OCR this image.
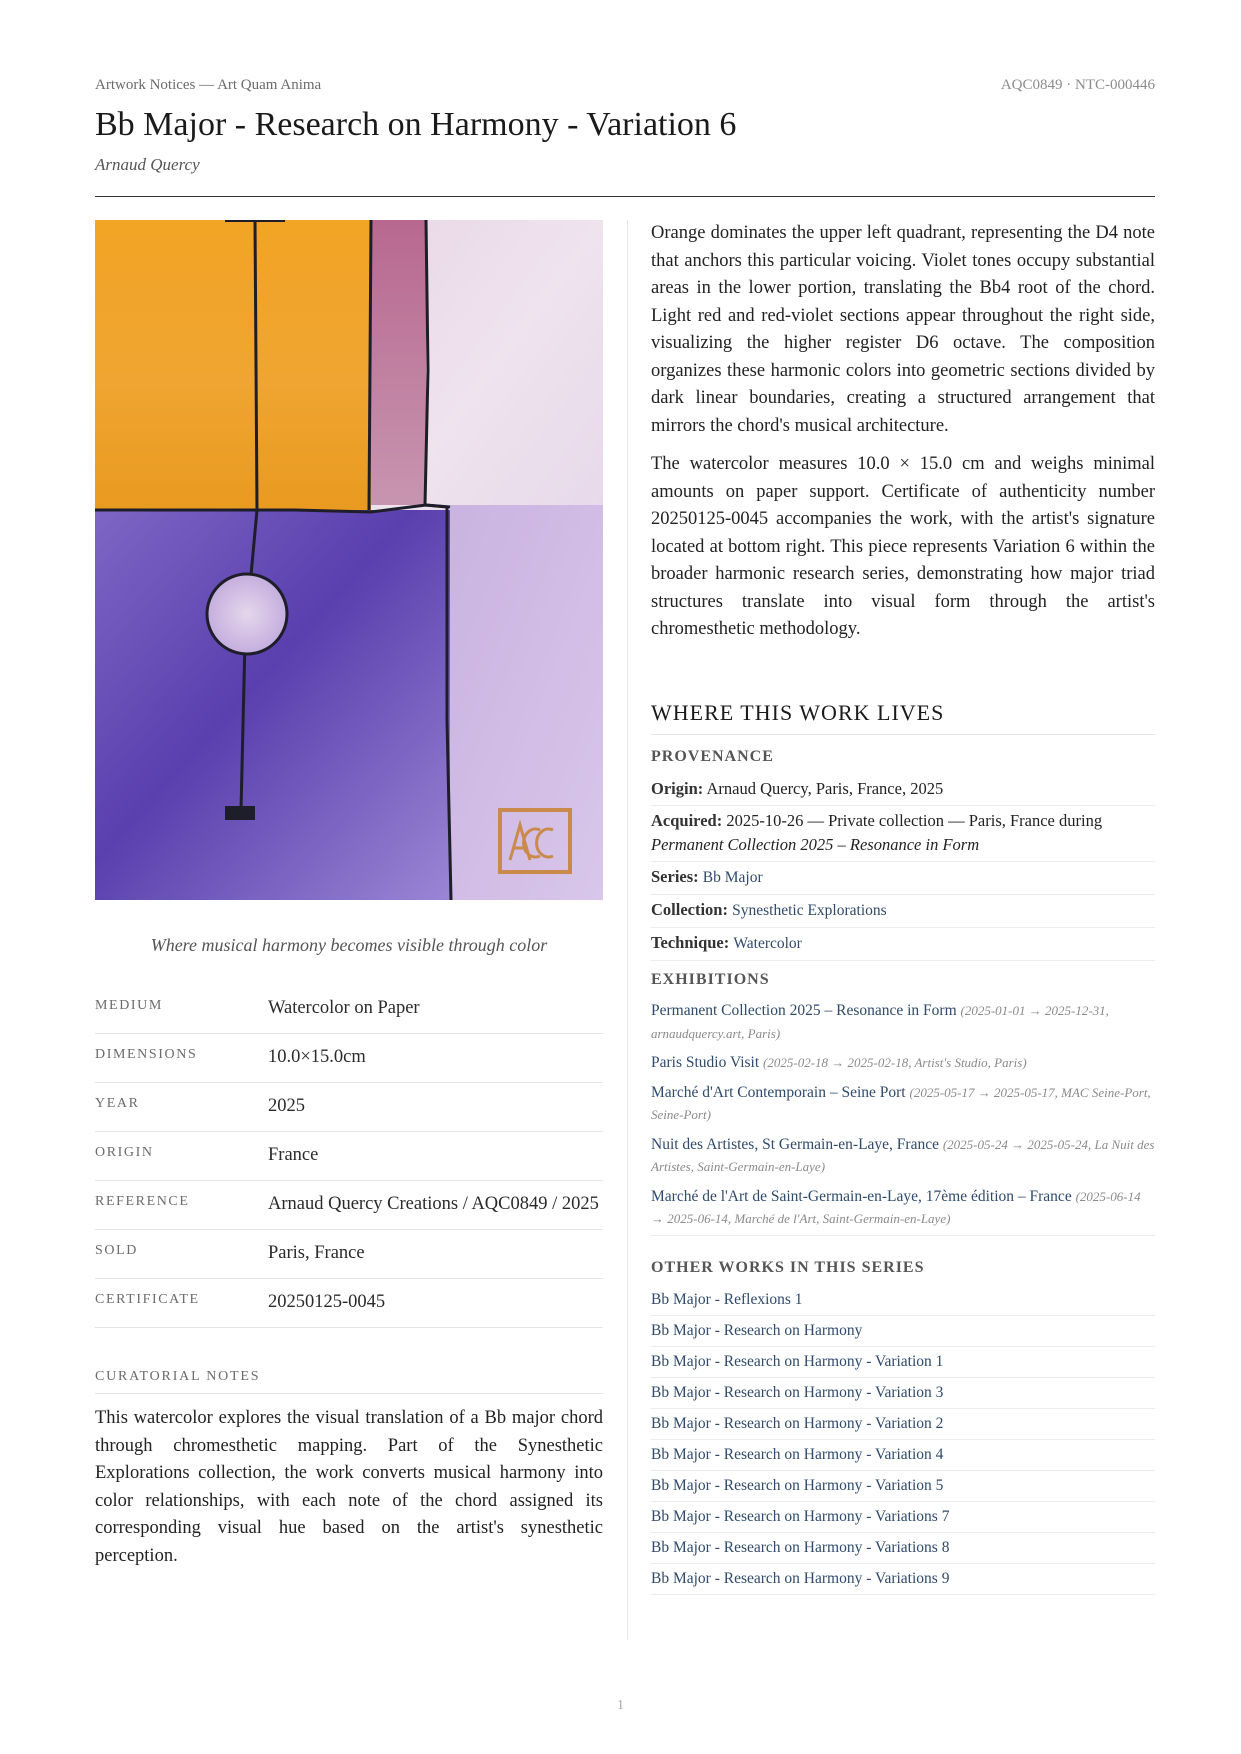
Artwork Notices — Art Quam Anima	AQC0849 · NTC-000446
Bb Major - Research on Harmony - Variation 6
Arnaud Quercy
Where musical harmony becomes visible through color
MEDIUM	Watercolor on Paper
DIMENSIONS	10.0×15.0cm
YEAR	2025
ORIGIN	France
REFERENCE	Arnaud Quercy Creations / AQC0849 / 2025
SOLD	Paris, France
CERTIFICATE	20250125-0045
CURATORIAL NOTES
This watercolor explores the visual translation of a Bb major chord through chromesthetic mapping. Part of the Synesthetic Explorations collection, the work converts musical harmony into color relationships, with each note of the chord assigned its corresponding visual hue based on the artist's synesthetic perception.

Orange dominates the upper left quadrant, representing the D4 note that anchors this particular voicing. Violet tones occupy substantial areas in the lower portion, translating the Bb4 root of the chord. Light red and red-violet sections appear throughout the right side, visualizing the higher register D6 octave. The composition organizes these harmonic colors into geometric sections divided by dark linear boundaries, creating a structured arrangement that mirrors the chord's musical architecture.

The watercolor measures 10.0 × 15.0 cm and weighs minimal amounts on paper support. Certificate of authenticity number 20250125-0045 accompanies the work, with the artist's signature located at bottom right. This piece represents Variation 6 within the broader harmonic research series, demonstrating how major triad structures translate into visual form through the artist's chromesthetic methodology.

WHERE THIS WORK LIVES
PROVENANCE
Origin: Arnaud Quercy, Paris, France, 2025
Acquired: 2025-10-26 — Private collection — Paris, France during Permanent Collection 2025 – Resonance in Form
Series: Bb Major
Collection: Synesthetic Explorations
Technique: Watercolor
EXHIBITIONS
Permanent Collection 2025 – Resonance in Form (2025-01-01 → 2025-12-31, arnaudquercy.art, Paris)
Paris Studio Visit (2025-02-18 → 2025-02-18, Artist's Studio, Paris)
Marché d'Art Contemporain – Seine Port (2025-05-17 → 2025-05-17, MAC Seine-Port, Seine-Port)
Nuit des Artistes, St Germain-en-Laye, France (2025-05-24 → 2025-05-24, La Nuit des Artistes, Saint-Germain-en-Laye)
Marché de l'Art de Saint-Germain-en-Laye, 17ème édition – France (2025-06-14 → 2025-06-14, Marché de l'Art, Saint-Germain-en-Laye)
OTHER WORKS IN THIS SERIES
Bb Major - Reflexions 1
Bb Major - Research on Harmony
Bb Major - Research on Harmony - Variation 1
Bb Major - Research on Harmony - Variation 3
Bb Major - Research on Harmony - Variation 2
Bb Major - Research on Harmony - Variation 4
Bb Major - Research on Harmony - Variation 5
Bb Major - Research on Harmony - Variations 7
Bb Major - Research on Harmony - Variations 8
Bb Major - Research on Harmony - Variations 9
1
